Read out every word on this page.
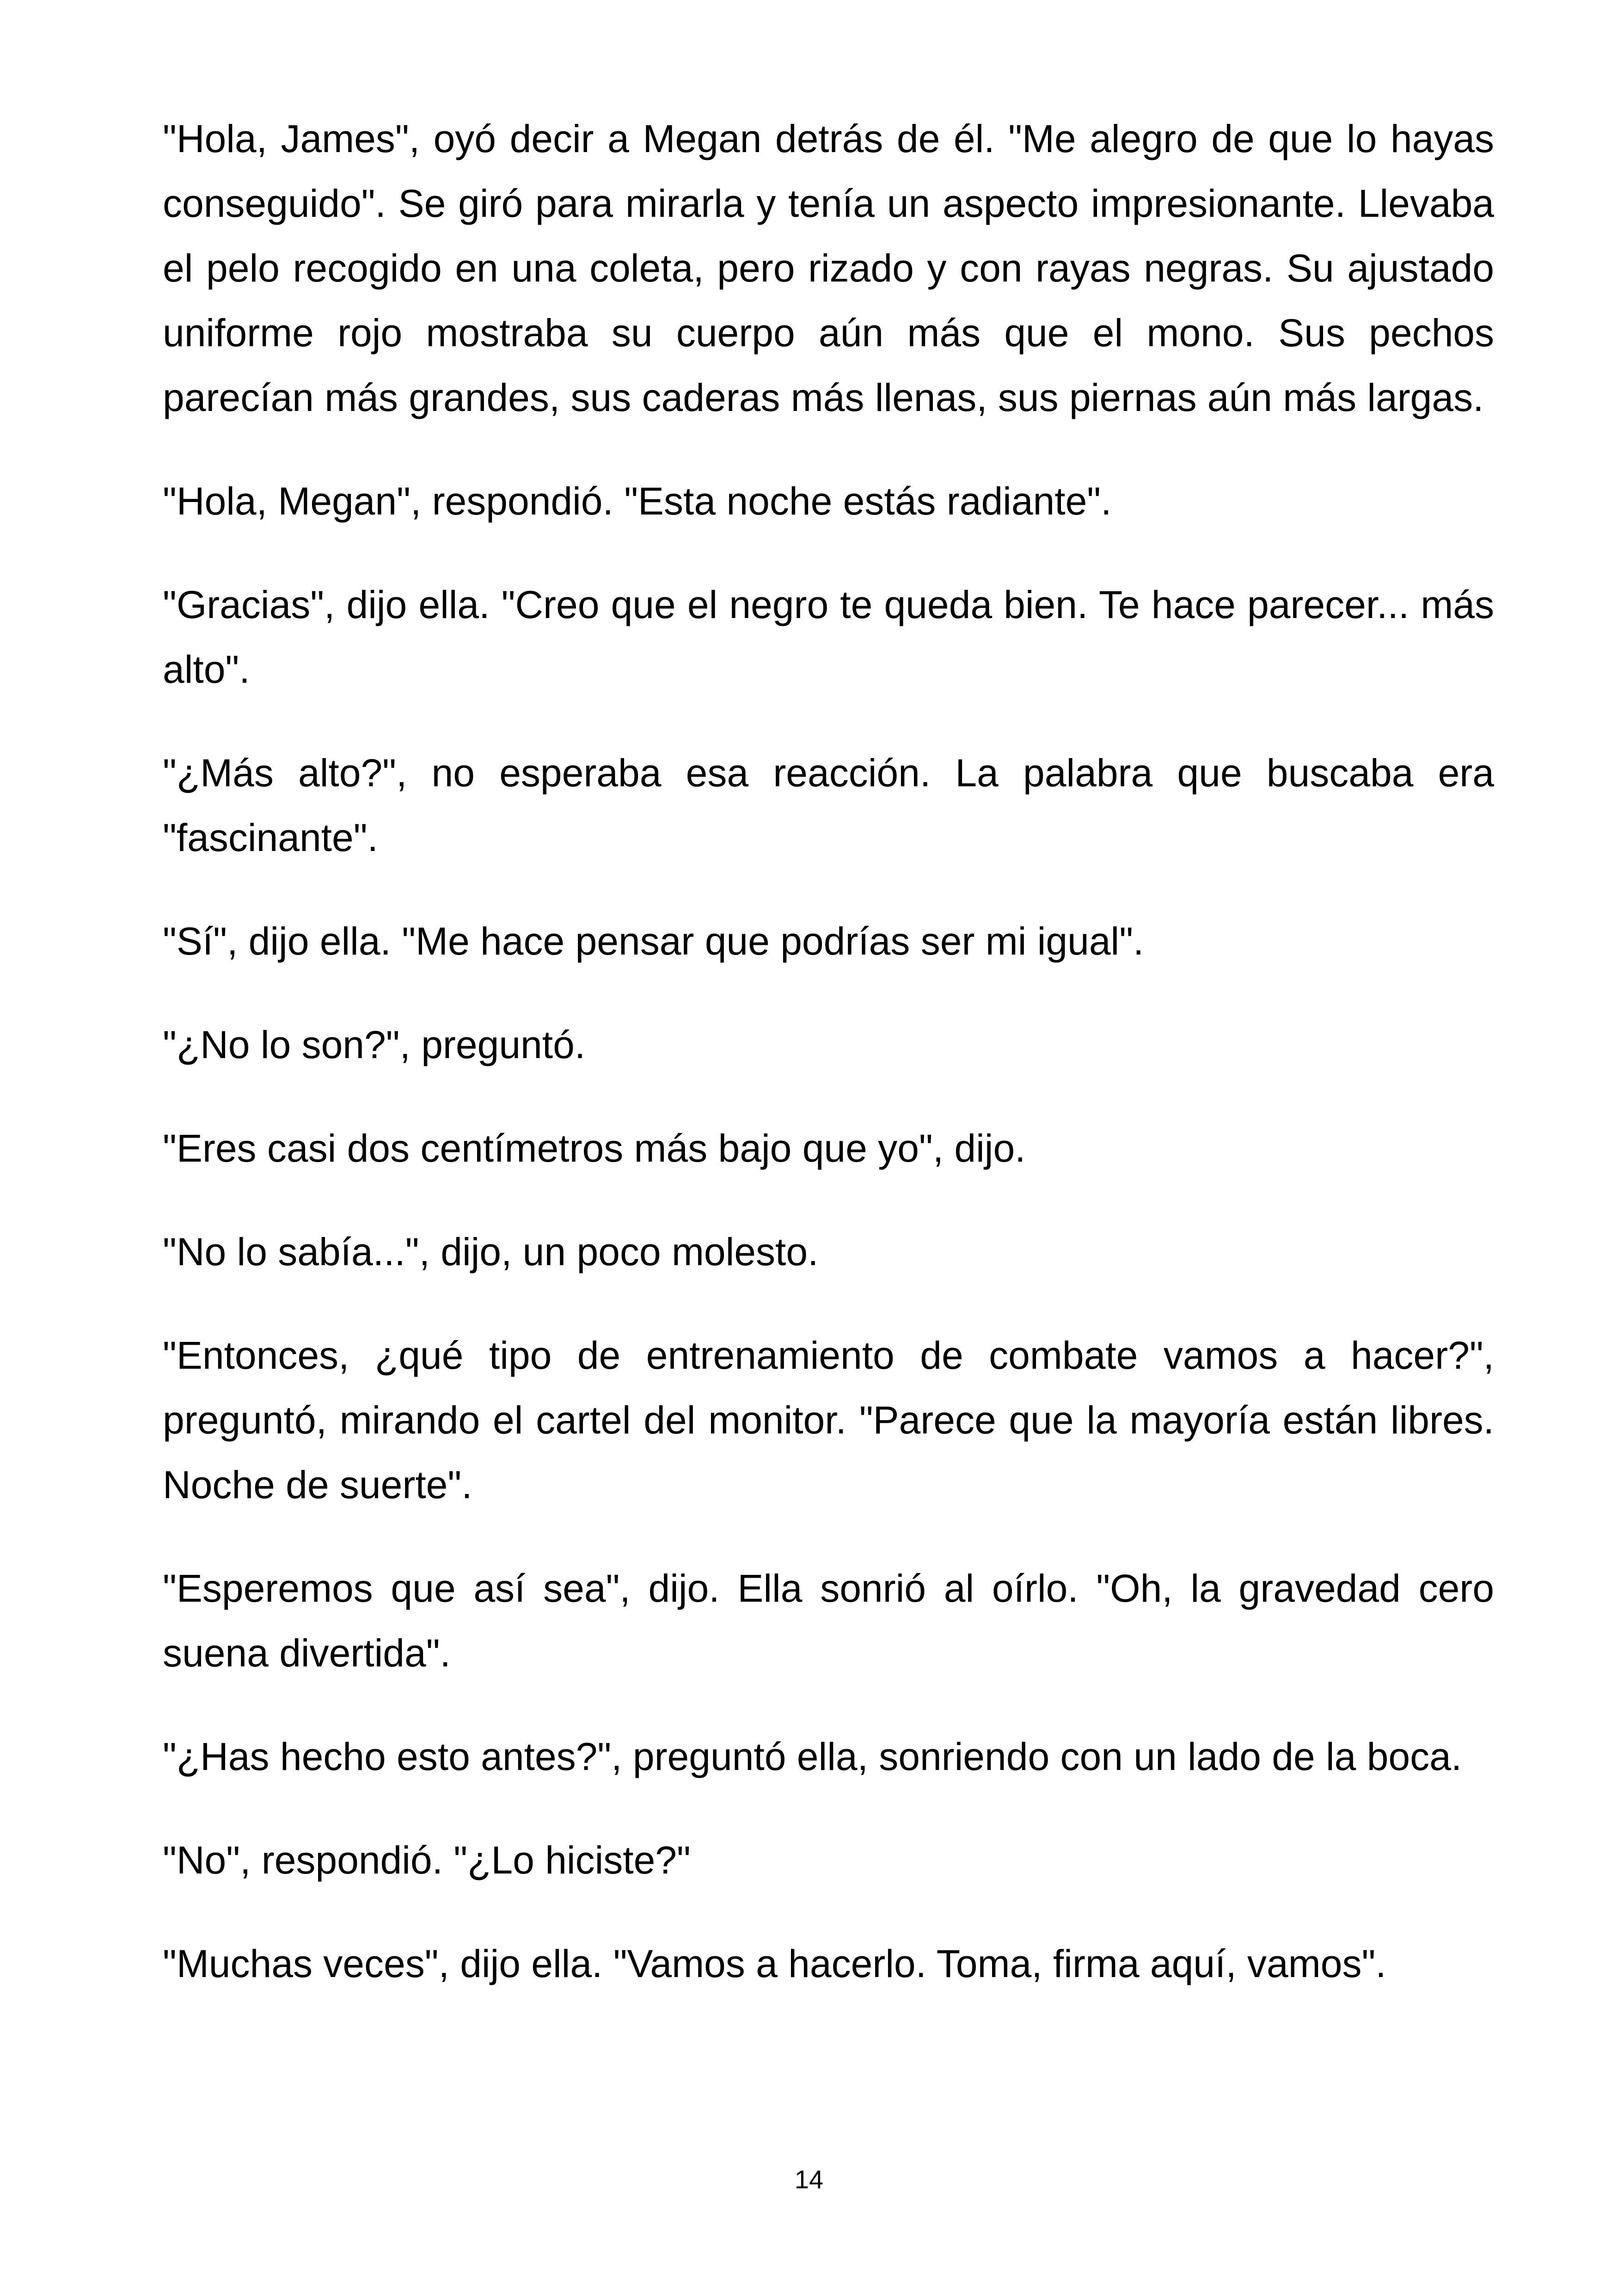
"Hola, James", oyó decir a Megan detrás de él. "Me alegro de que lo hayas conseguido". Se giró para mirarla y tenía un aspecto impresionante. Llevaba el pelo recogido en una coleta, pero rizado y con rayas negras. Su ajustado uniforme rojo mostraba su cuerpo aún más que el mono. Sus pechos parecían más grandes, sus caderas más llenas, sus piernas aún más largas.

"Hola, Megan", respondió. "Esta noche estás radiante".

"Gracias", dijo ella. "Creo que el negro te queda bien. Te hace parecer... más alto".

"¿Más alto?", no esperaba esa reacción. La palabra que buscaba era "fascinante".

"Sí", dijo ella. "Me hace pensar que podrías ser mi igual".

"¿No lo son?", preguntó.

"Eres casi dos centímetros más bajo que yo", dijo.

"No lo sabía...", dijo, un poco molesto.

"Entonces, ¿qué tipo de entrenamiento de combate vamos a hacer?", preguntó, mirando el cartel del monitor. "Parece que la mayoría están libres. Noche de suerte".

"Esperemos que así sea", dijo. Ella sonrió al oírlo. "Oh, la gravedad cero suena divertida".

"¿Has hecho esto antes?", preguntó ella, sonriendo con un lado de la boca.

"No", respondió. "¿Lo hiciste?"

"Muchas veces", dijo ella. "Vamos a hacerlo. Toma, firma aquí, vamos".

14
